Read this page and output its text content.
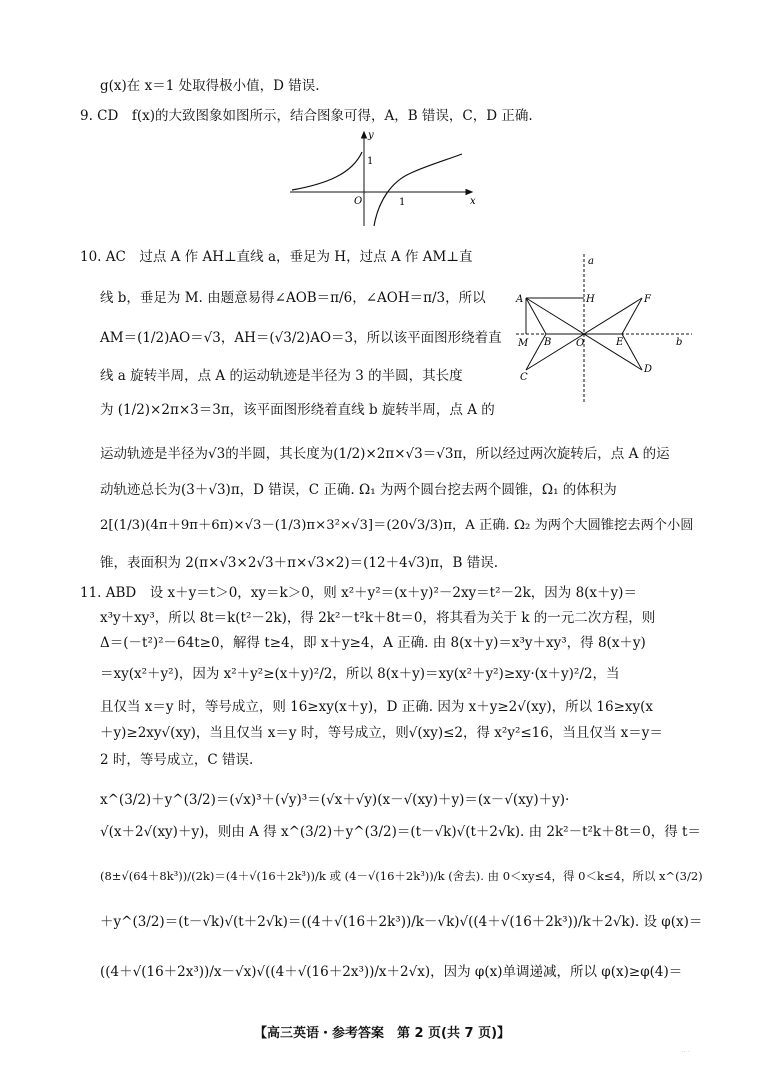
g(x)在 x＝1 处取得极小值，D 错误.
9. CD　f(x)的大致图象如图所示，结合图象可得，A，B 错误，C，D 正确.
y
x
O	1
1
10. AC　过点 A 作 AH⊥直线 a，垂足为 H，过点 A 作 AM⊥直
线 b，垂足为 M. 由题意易得∠AOB＝π/6，∠AOH＝π/3，所以
AM＝(1/2)AO＝√3，AH＝(√3/2)AO＝3，所以该平面图形绕着直
线 a 旋转半周，点 A 的运动轨迹是半径为 3 的半圆，其长度
为 (1/2)×2π×3＝3π，该平面图形绕着直线 b 旋转半周，点 A 的
a
b
A	H	F
M B O	E
C
D
运动轨迹是半径为√3的半圆，其长度为(1/2)×2π×√3＝√3π，所以经过两次旋转后，点 A 的运
动轨迹总长为(3＋√3)π，D 错误，C 正确. Ω₁ 为两个圆台挖去两个圆锥，Ω₁ 的体积为
2[(1/3)(4π＋9π＋6π)×√3－(1/3)π×3²×√3]＝(20√3/3)π，A 正确. Ω₂ 为两个大圆锥挖去两个小圆
锥，表面积为 2(π×√3×2√3＋π×√3×2)＝(12＋4√3)π，B 错误.
11. ABD　设 x＋y＝t＞0，xy＝k＞0，则 x²＋y²＝(x＋y)²－2xy＝t²－2k，因为 8(x＋y)＝
x³y＋xy³，所以 8t＝k(t²－2k)，得 2k²－t²k＋8t＝0，将其看为关于 k 的一元二次方程，则
Δ＝(－t²)²－64t≥0，解得 t≥4，即 x＋y≥4，A 正确. 由 8(x＋y)＝x³y＋xy³，得 8(x＋y)
＝xy(x²＋y²)，因为 x²＋y²≥(x＋y)²/2，所以 8(x＋y)＝xy(x²＋y²)≥xy·(x＋y)²/2，当
且仅当 x＝y 时，等号成立，则 16≥xy(x＋y)，D 正确. 因为 x＋y≥2√(xy)，所以 16≥xy(x
＋y)≥2xy√(xy)，当且仅当 x＝y 时，等号成立，则√(xy)≤2，得 x²y²≤16，当且仅当 x＝y＝
2 时，等号成立，C 错误.
x^(3/2)＋y^(3/2)＝(√x)³＋(√y)³＝(√x＋√y)(x－√(xy)＋y)＝(x－√(xy)＋y)·
√(x＋2√(xy)＋y)，则由 A 得 x^(3/2)＋y^(3/2)＝(t－√k)√(t＋2√k). 由 2k²－t²k＋8t＝0，得 t＝
(8±√(64＋8k³))/(2k)＝(4＋√(16＋2k³))/k 或 (4－√(16＋2k³))/k (舍去). 由 0＜xy≤4，得 0＜k≤4，所以 x^(3/2)
＋y^(3/2)＝(t－√k)√(t＋2√k)＝((4＋√(16＋2k³))/k－√k)√((4＋√(16＋2k³))/k＋2√k). 设 φ(x)＝
((4＋√(16＋2x³))/x－√x)√((4＋√(16＋2x³))/x＋2√x)，因为 φ(x)单调递减，所以 φ(x)≥φ(4)＝
【高三英语・参考答案　第 2 页(共 7 页)】
·· ·
